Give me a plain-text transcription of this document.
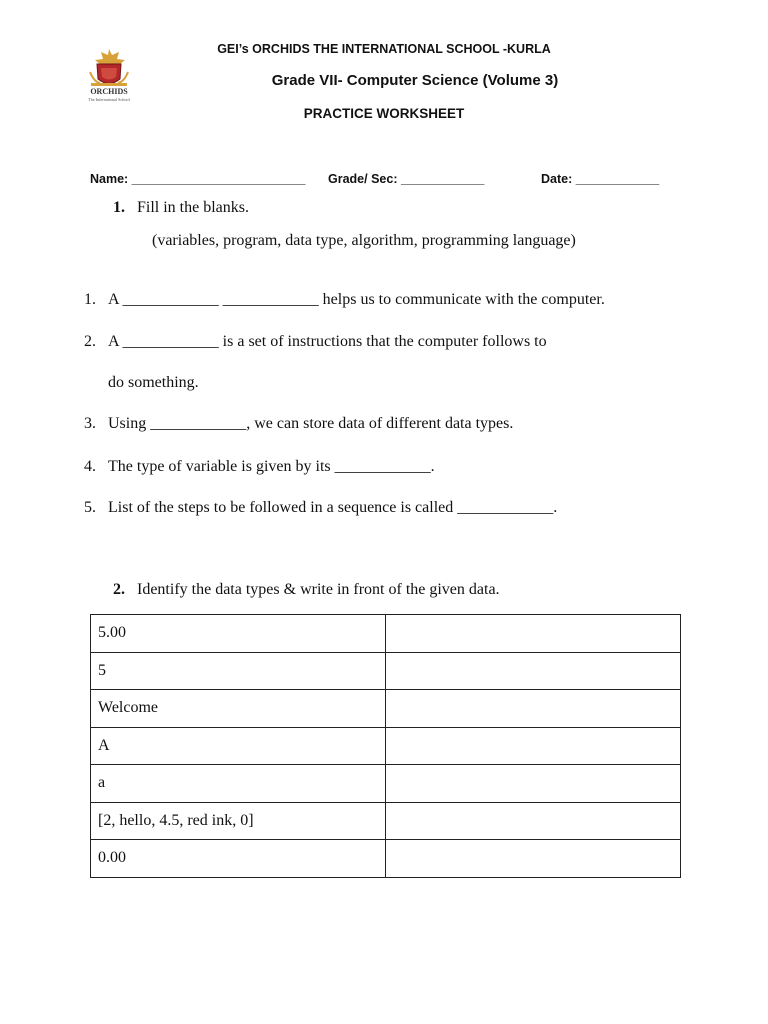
GEI’s ORCHIDS THE INTERNATIONAL SCHOOL -KURLA
ORCHIDS
The International School
Grade VII- Computer Science (Volume 3)
PRACTICE WORKSHEET
Name: _________________________ Grade/ Sec: ____________	Date: ____________
1. Fill in the blanks.
(variables, program, data type, algorithm, programming language)
1. A ____________ ____________ helps us to communicate with the computer.
2. A ____________ is a set of instructions that the computer follows to
do something.
3. Using ____________, we can store data of different data types.
4. The type of variable is given by its ____________.
5. List of the steps to be followed in a sequence is called ____________.
2. Identify the data types & write in front of the given data.
5.00	
5	
Welcome	
A	
a	
[2, hello, 4.5, red ink, 0]	
0.00	
